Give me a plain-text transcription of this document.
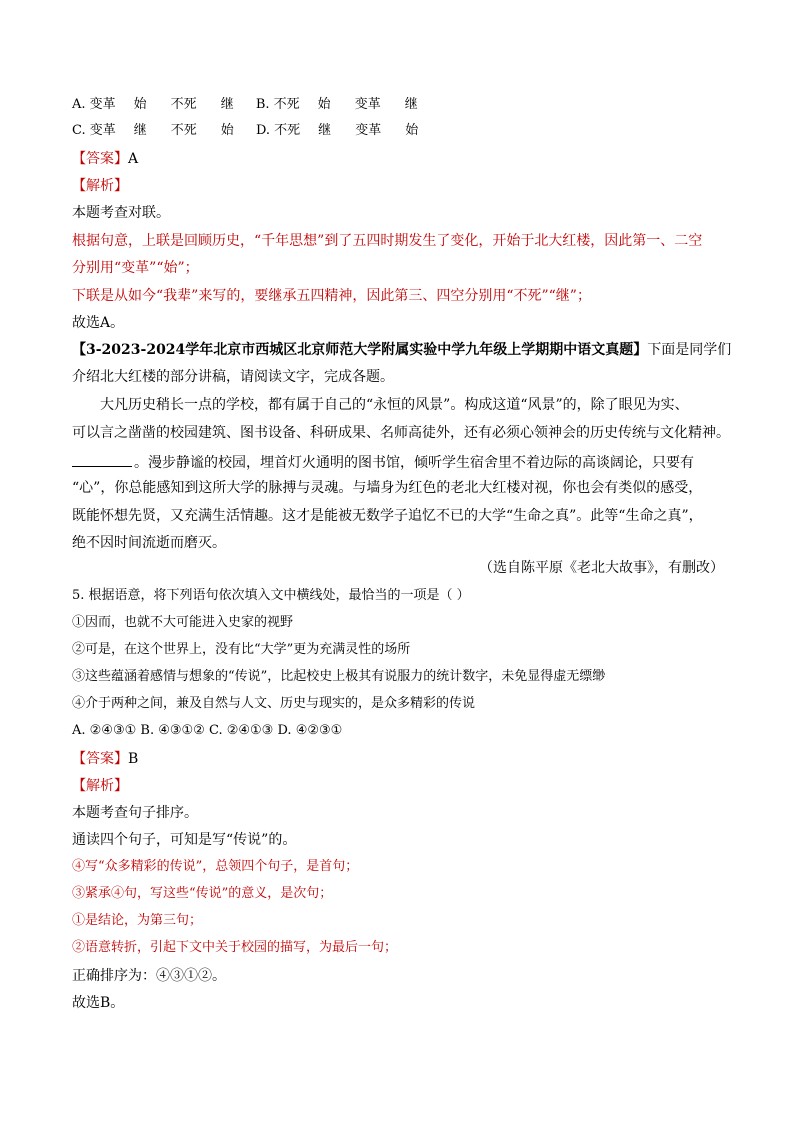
A. 变革 始 不死 继 B. 不死 始 变革 继
C. 变革 继 不死 始 D. 不死 继 变革 始
【答案】A
【解析】
本题考查对联。
根据句意，上联是回顾历史，“千年思想”到了五四时期发生了变化，开始于北大红楼，因此第一、二空
分别用“变革”“始”；
下联是从如今“我辈”来写的，要继承五四精神，因此第三、四空分别用“不死”“继”；
故选A。
【3-2023-2024学年北京市西城区北京师范大学附属实验中学九年级上学期期中语文真题】下面是同学们
介绍北大红楼的部分讲稿，请阅读文字，完成各题。
大凡历史稍长一点的学校，都有属于自己的“永恒的风景”。构成这道“风景”的，除了眼见为实、
可以言之凿凿的校园建筑、图书设备、科研成果、名师高徒外，还有必须心领神会的历史传统与文化精神。
。漫步静谧的校园，埋首灯火通明的图书馆，倾听学生宿舍里不着边际的高谈阔论，只要有
“心”，你总能感知到这所大学的脉搏与灵魂。与墙身为红色的老北大红楼对视，你也会有类似的感受，
既能怀想先贤，又充满生活情趣。这才是能被无数学子追忆不已的大学“生命之真”。此等“生命之真”，
绝不因时间流逝而磨灭。
（选自陈平原《老北大故事》，有删改）
5. 根据语意，将下列语句依次填入文中横线处，最恰当的一项是（ ）
①因而，也就不大可能进入史家的视野
②可是，在这个世界上，没有比“大学”更为充满灵性的场所
③这些蕴涵着感情与想象的“传说”，比起校史上极其有说服力的统计数字，未免显得虚无缥缈
④介于两种之间，兼及自然与人文、历史与现实的，是众多精彩的传说
A. ②④③① B. ④③①② C. ②④①③ D. ④②③①
【答案】B
【解析】
本题考查句子排序。
通读四个句子，可知是写“传说”的。
④写“众多精彩的传说”，总领四个句子，是首句；
③紧承④句，写这些“传说”的意义，是次句；
①是结论，为第三句；
②语意转折，引起下文中关于校园的描写，为最后一句；
正确排序为：④③①②。
故选B。
